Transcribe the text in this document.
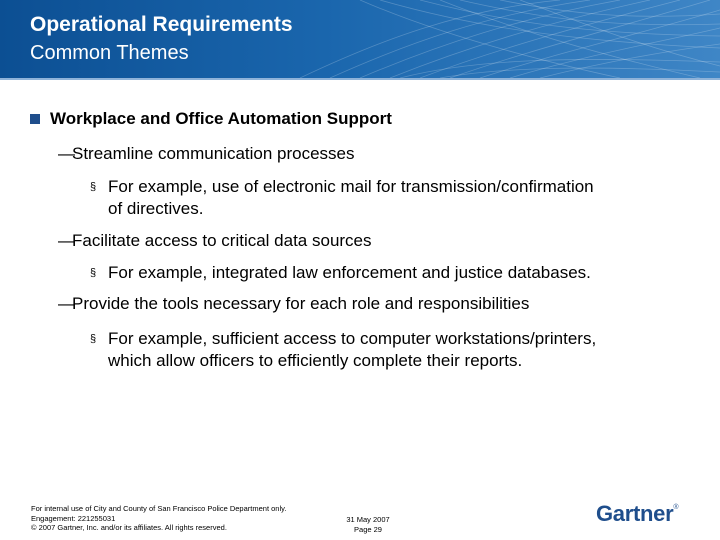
Operational Requirements
Common Themes
Workplace and Office Automation Support
—Streamline communication processes
§ For example, use of electronic mail for transmission/confirmation
of directives.
—Facilitate access to critical data sources
§ For example, integrated law enforcement and justice databases.
—Provide the tools necessary for each role and responsibilities
§ For example, sufficient access to computer workstations/printers,
which allow officers to efficiently complete their reports.
For internal use of City and County of San Francisco Police Department only.
Engagement: 221255031
© 2007 Gartner, Inc. and/or its affiliates. All rights reserved.
31 May 2007
Page 29
Gartner®
